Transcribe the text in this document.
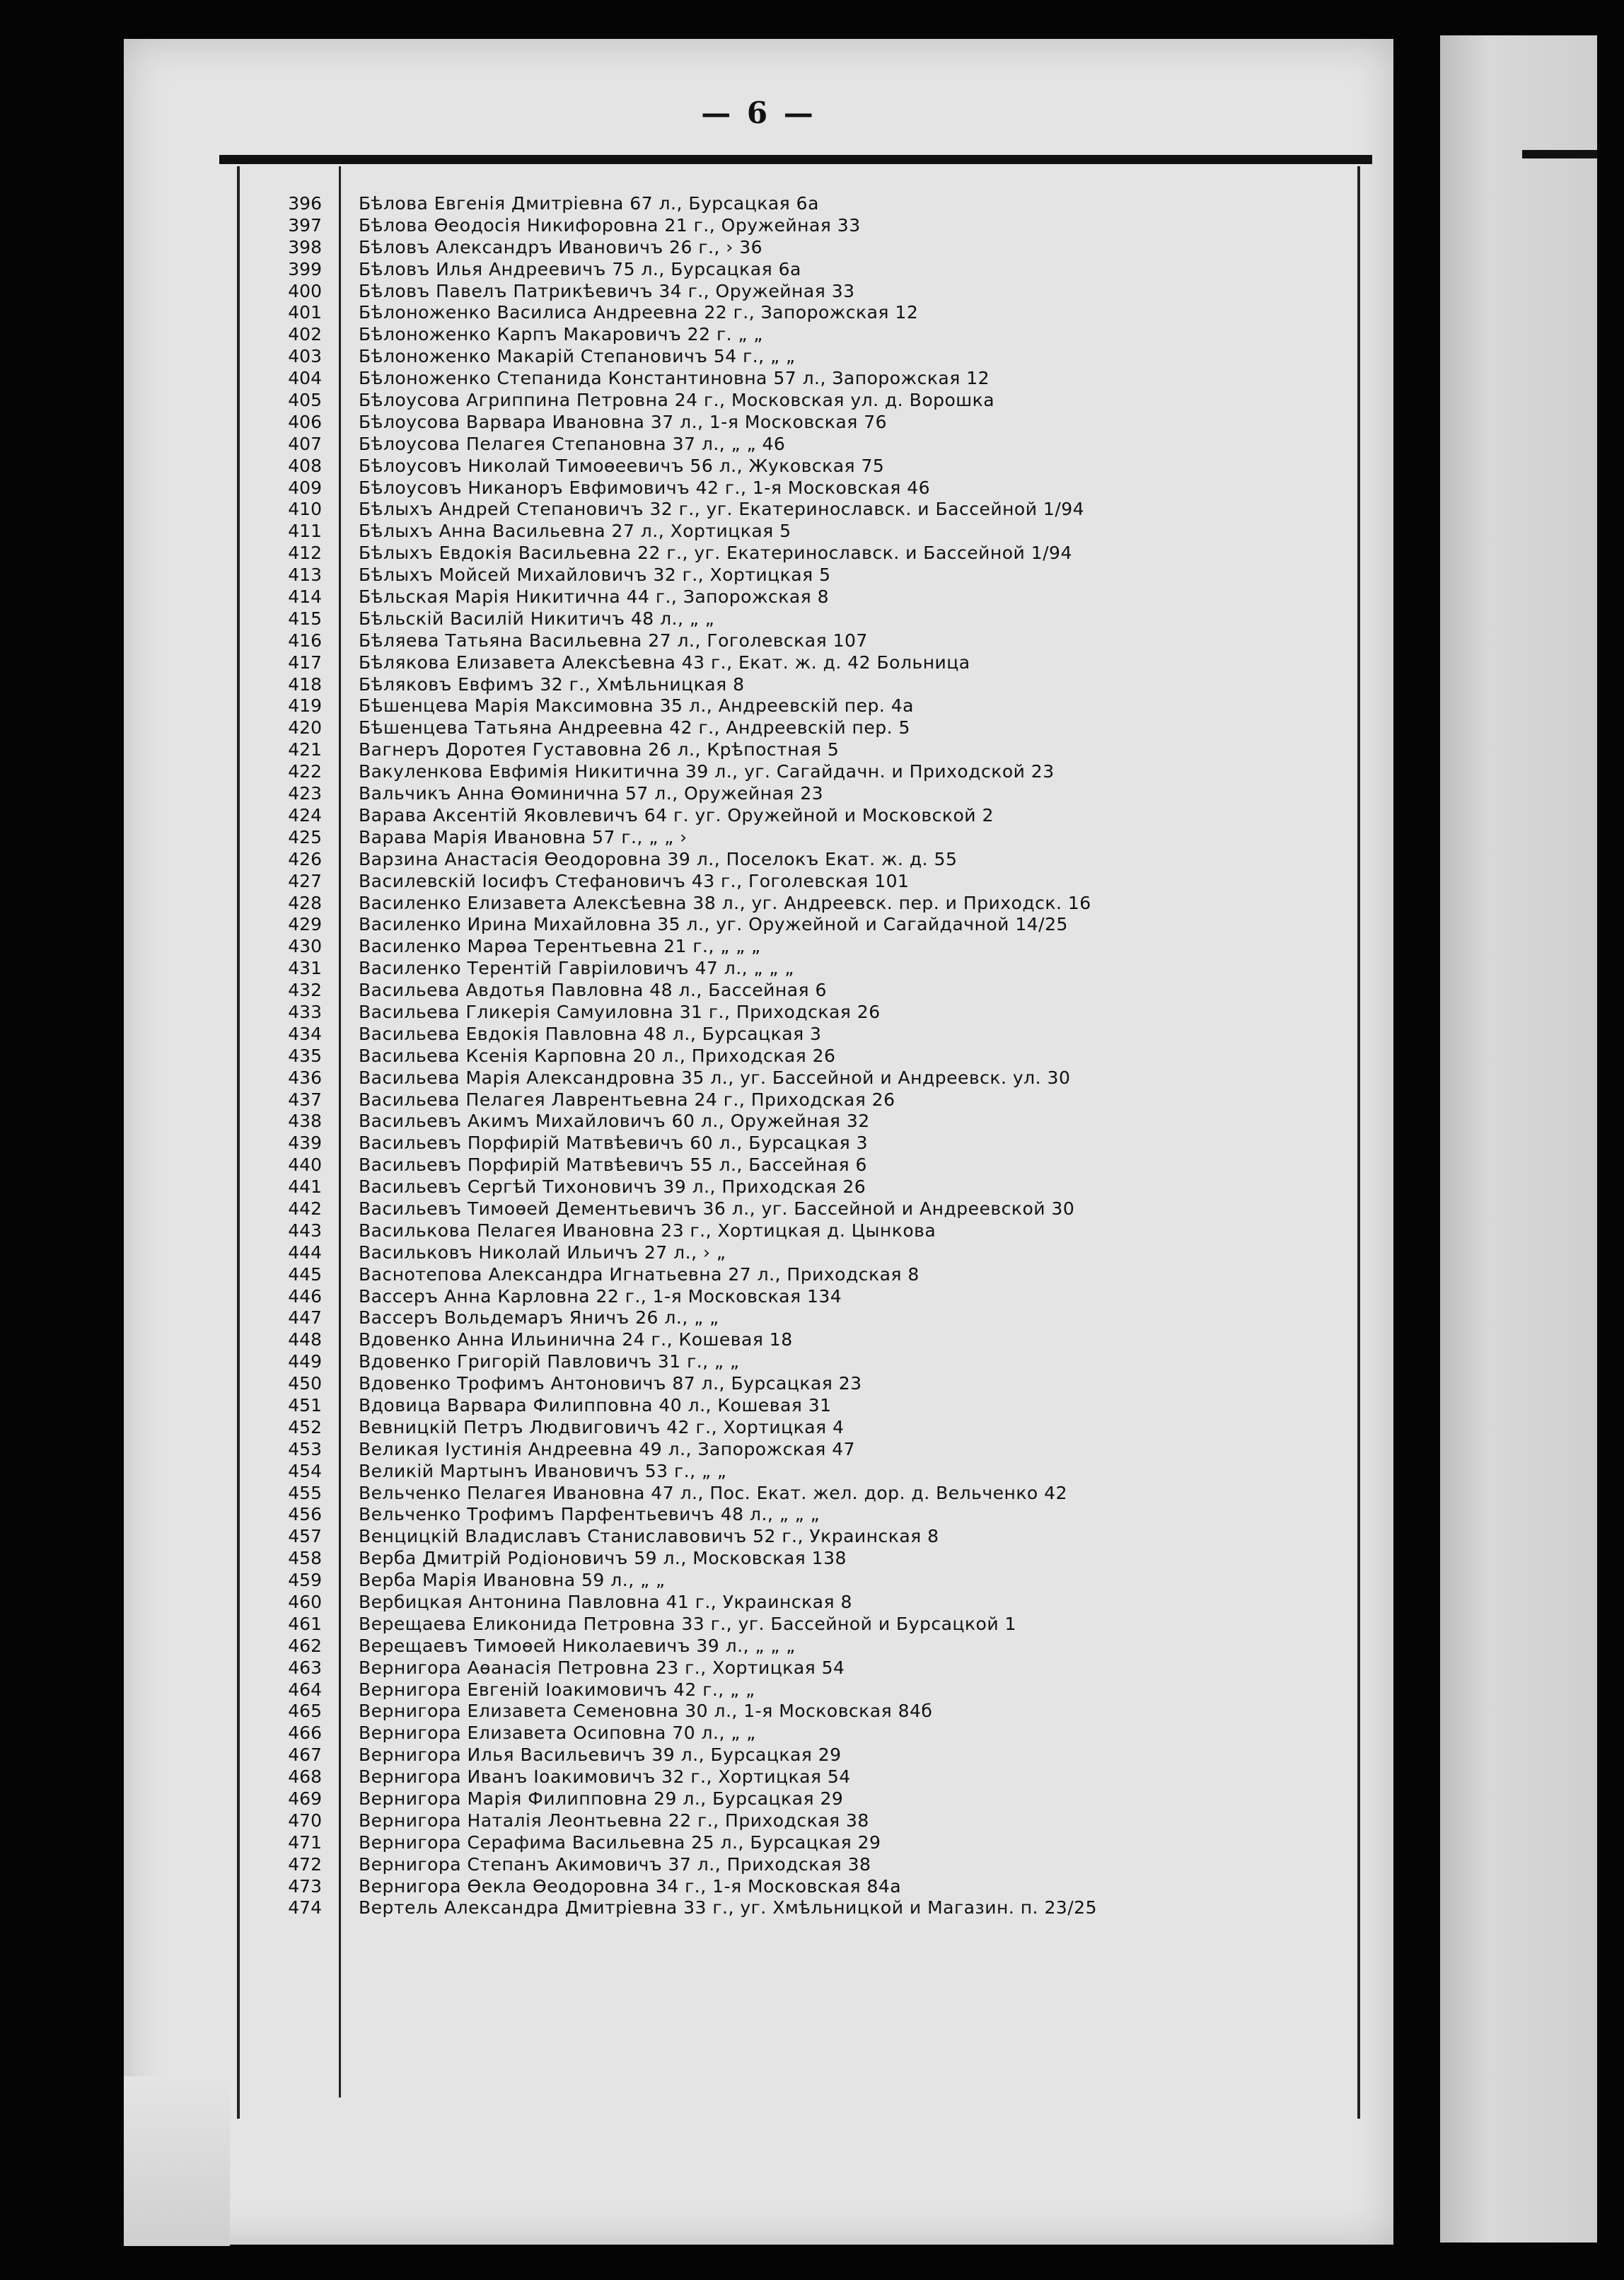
— 6 —
396 Бѣлова Евгенія Дмитріевна 67 л., Бурсацкая 6а
397 Бѣлова Ѳеодосія Никифоровна 21 г., Оружейная 33
398 Бѣловъ Александръ Ивановичъ 26 г., › 36
399 Бѣловъ Илья Андреевичъ 75 л., Бурсацкая 6а
400 Бѣловъ Павелъ Патрикѣевичъ 34 г., Оружейная 33
401 Бѣлоноженко Василиса Андреевна 22 г., Запорожская 12
402 Бѣлоноженко Карпъ Макаровичъ 22 г. „ „
403 Бѣлоноженко Макарій Степановичъ 54 г., „ „
404 Бѣлоноженко Степанида Константиновна 57 л., Запорожская 12
405 Бѣлоусова Агриппина Петровна 24 г., Московская ул. д. Ворошка
406 Бѣлоусова Варвара Ивановна 37 л., 1-я Московская 76
407 Бѣлоусова Пелагея Степановна 37 л., „ „ 46
408 Бѣлоусовъ Николай Тимоѳеевичъ 56 л., Жуковская 75
409 Бѣлоусовъ Никаноръ Евфимовичъ 42 г., 1-я Московская 46
410 Бѣлыхъ Андрей Степановичъ 32 г., уг. Екатеринославск. и Бассейной 1/94
411 Бѣлыхъ Анна Васильевна 27 л., Хортицкая 5
412 Бѣлыхъ Евдокія Васильевна 22 г., уг. Екатеринославск. и Бассейной 1/94
413 Бѣлыхъ Мойсей Михайловичъ 32 г., Хортицкая 5
414 Бѣльская Марія Никитична 44 г., Запорожская 8
415 Бѣльскій Василій Никитичъ 48 л., „ „
416 Бѣляева Татьяна Васильевна 27 л., Гоголевская 107
417 Бѣлякова Елизавета Алексѣевна 43 г., Екат. ж. д. 42 Больница
418 Бѣляковъ Евфимъ 32 г., Хмѣльницкая 8
419 Бѣшенцева Марія Максимовна 35 л., Андреевскій пер. 4а
420 Бѣшенцева Татьяна Андреевна 42 г., Андреевскій пер. 5
421 Вагнеръ Доротея Густавовна 26 л., Крѣпостная 5
422 Вакуленкова Евфимія Никитична 39 л., уг. Сагайдачн. и Приходской 23
423 Вальчикъ Анна Ѳоминична 57 л., Оружейная 23
424 Варава Аксентій Яковлевичъ 64 г. уг. Оружейной и Московской 2
425 Варава Марія Ивановна 57 г., „ „ ›
426 Варзина Анастасія Ѳеодоровна 39 л., Поселокъ Екат. ж. д. 55
427 Василевскій Іосифъ Стефановичъ 43 г., Гоголевская 101
428 Василенко Елизавета Алексѣевна 38 л., уг. Андреевск. пер. и Приходск. 16
429 Василенко Ирина Михайловна 35 л., уг. Оружейной и Сагайдачной 14/25
430 Василенко Марѳа Терентьевна 21 г., „ „ „
431 Василенко Терентій Гавріиловичъ 47 л., „ „ „
432 Васильева Авдотья Павловна 48 л., Бассейная 6
433 Васильева Гликерія Самуиловна 31 г., Приходская 26
434 Васильева Евдокія Павловна 48 л., Бурсацкая 3
435 Васильева Ксенія Карповна 20 л., Приходская 26
436 Васильева Марія Александровна 35 л., уг. Бассейной и Андреевск. ул. 30
437 Васильева Пелагея Лаврентьевна 24 г., Приходская 26
438 Васильевъ Акимъ Михайловичъ 60 л., Оружейная 32
439 Васильевъ Порфирій Матвѣевичъ 60 л., Бурсацкая 3
440 Васильевъ Порфирій Матвѣевичъ 55 л., Бассейная 6
441 Васильевъ Сергѣй Тихоновичъ 39 л., Приходская 26
442 Васильевъ Тимоѳей Дементьевичъ 36 л., уг. Бассейной и Андреевской 30
443 Василькова Пелагея Ивановна 23 г., Хортицкая д. Цынкова
444 Васильковъ Николай Ильичъ 27 л., › „
445 Васнотепова Александра Игнатьевна 27 л., Приходская 8
446 Вассеръ Анна Карловна 22 г., 1-я Московская 134
447 Вассеръ Вольдемаръ Яничъ 26 л., „ „
448 Вдовенко Анна Ильинична 24 г., Кошевая 18
449 Вдовенко Григорій Павловичъ 31 г., „ „
450 Вдовенко Трофимъ Антоновичъ 87 л., Бурсацкая 23
451 Вдовица Варвара Филипповна 40 л., Кошевая 31
452 Вевницкій Петръ Людвиговичъ 42 г., Хортицкая 4
453 Великая Іустинія Андреевна 49 л., Запорожская 47
454 Великій Мартынъ Ивановичъ 53 г., „ „
455 Вельченко Пелагея Ивановна 47 л., Пос. Екат. жел. дор. д. Вельченко 42
456 Вельченко Трофимъ Парфентьевичъ 48 л., „ „ „
457 Венцицкій Владиславъ Станиславовичъ 52 г., Украинская 8
458 Верба Дмитрій Родіоновичъ 59 л., Московская 138
459 Верба Марія Ивановна 59 л., „ „
460 Вербицкая Антонина Павловна 41 г., Украинская 8
461 Верещаева Еликонида Петровна 33 г., уг. Бассейной и Бурсацкой 1
462 Верещаевъ Тимоѳей Николаевичъ 39 л., „ „ „
463 Вернигора Аѳанасія Петровна 23 г., Хортицкая 54
464 Вернигора Евгеній Іоакимовичъ 42 г., „ „
465 Вернигора Елизавета Семеновна 30 л., 1-я Московская 84б
466 Вернигора Елизавета Осиповна 70 л., „ „
467 Вернигора Илья Васильевичъ 39 л., Бурсацкая 29
468 Вернигора Иванъ Іоакимовичъ 32 г., Хортицкая 54
469 Вернигора Марія Филипповна 29 л., Бурсацкая 29
470 Вернигора Наталія Леонтьевна 22 г., Приходская 38
471 Вернигора Серафима Васильевна 25 л., Бурсацкая 29
472 Вернигора Степанъ Акимовичъ 37 л., Приходская 38
473 Вернигора Ѳекла Ѳеодоровна 34 г., 1-я Московская 84а
474 Вертель Александра Дмитріевна 33 г., уг. Хмѣльницкой и Магазин. п. 23/25
